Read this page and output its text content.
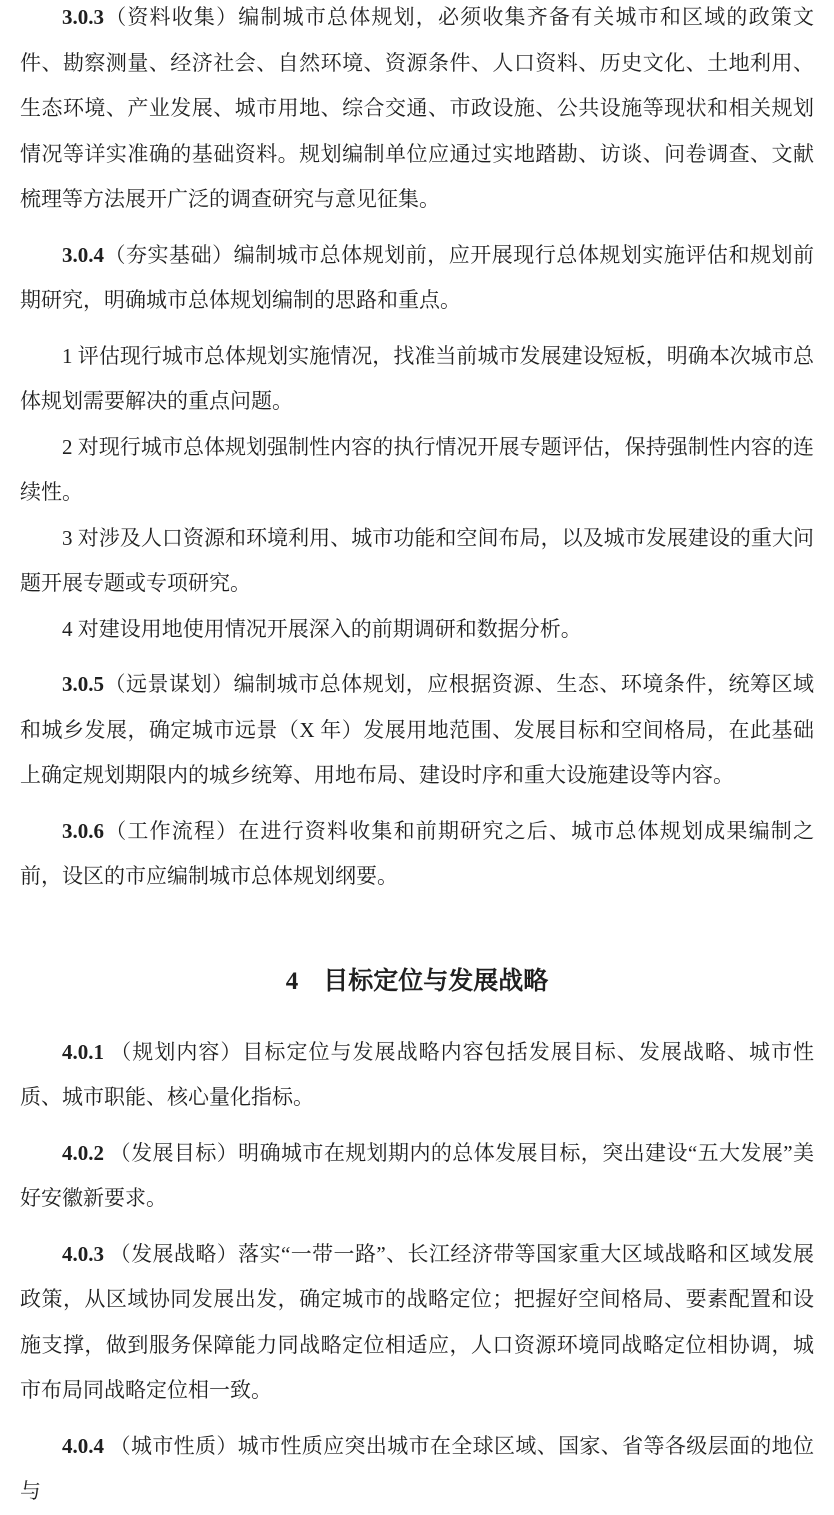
3.0.3（资料收集）编制城市总体规划，必须收集齐备有关城市和区域的政策文件、勘察测量、经济社会、自然环境、资源条件、人口资料、历史文化、土地利用、生态环境、产业发展、城市用地、综合交通、市政设施、公共设施等现状和相关规划情况等详实准确的基础资料。规划编制单位应通过实地踏勘、访谈、问卷调查、文献梳理等方法展开广泛的调查研究与意见征集。

3.0.4（夯实基础）编制城市总体规划前，应开展现行总体规划实施评估和规划前期研究，明确城市总体规划编制的思路和重点。

1 评估现行城市总体规划实施情况，找准当前城市发展建设短板，明确本次城市总体规划需要解决的重点问题。

2 对现行城市总体规划强制性内容的执行情况开展专题评估，保持强制性内容的连续性。

3 对涉及人口资源和环境利用、城市功能和空间布局，以及城市发展建设的重大问题开展专题或专项研究。

4 对建设用地使用情况开展深入的前期调研和数据分析。

3.0.5（远景谋划）编制城市总体规划，应根据资源、生态、环境条件，统筹区域和城乡发展，确定城市远景（X 年）发展用地范围、发展目标和空间格局，在此基础上确定规划期限内的城乡统筹、用地布局、建设时序和重大设施建设等内容。

3.0.6（工作流程）在进行资料收集和前期研究之后、城市总体规划成果编制之前，设区的市应编制城市总体规划纲要。

4 目标定位与发展战略

4.0.1 （规划内容）目标定位与发展战略内容包括发展目标、发展战略、城市性质、城市职能、核心量化指标。

4.0.2 （发展目标）明确城市在规划期内的总体发展目标，突出建设“五大发展”美好安徽新要求。

4.0.3 （发展战略）落实“一带一路”、长江经济带等国家重大区域战略和区域发展政策，从区域协同发展出发，确定城市的战略定位；把握好空间格局、要素配置和设施支撑，做到服务保障能力同战略定位相适应，人口资源环境同战略定位相协调，城市布局同战略定位相一致。

4.0.4 （城市性质）城市性质应突出城市在全球区域、国家、省等各级层面的地位与
